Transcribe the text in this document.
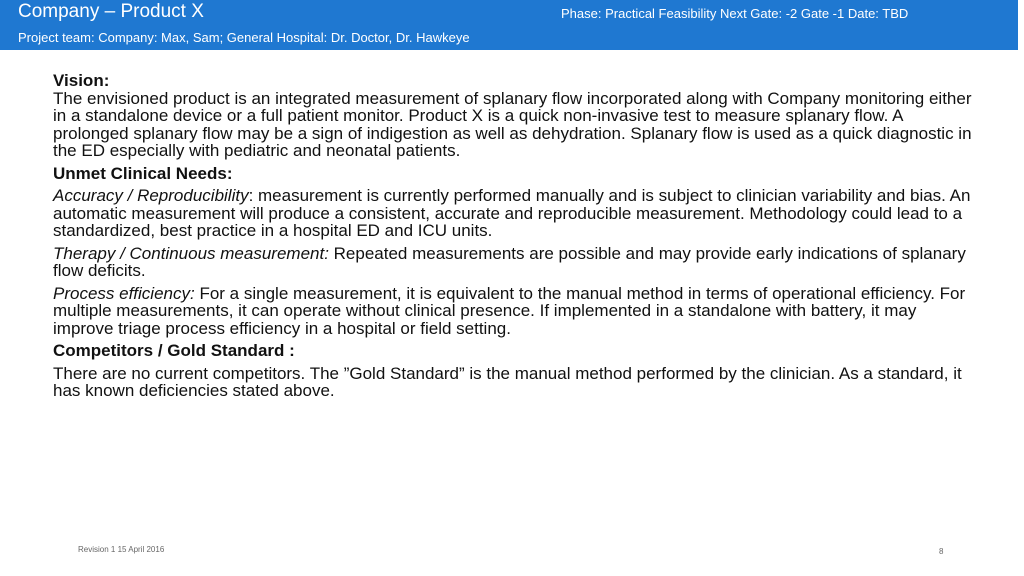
Company – Product X	Phase: Practical Feasibility Next Gate: -2 Gate -1 Date: TBD
Project team: Company: Max, Sam; General Hospital: Dr. Doctor, Dr. Hawkeye
Vision:
The envisioned product is an integrated measurement of splanary flow incorporated along with Company monitoring either in a standalone device or a full patient monitor. Product X is a quick non-invasive test to measure splanary flow. A prolonged splanary flow may be a sign of indigestion as well as dehydration. Splanary flow is used as a quick diagnostic in the ED especially with pediatric and neonatal patients.
Unmet Clinical Needs:
Accuracy / Reproducibility: measurement is currently performed manually and is subject to clinician variability and bias. An automatic measurement will produce a consistent, accurate and reproducible measurement. Methodology could lead to a standardized, best practice in a hospital ED and ICU units.
Therapy / Continuous measurement: Repeated measurements are possible and may provide early indications of splanary flow deficits.
Process efficiency: For a single measurement, it is equivalent to the manual method in terms of operational efficiency. For multiple measurements, it can operate without clinical presence. If implemented in a standalone with battery, it may improve triage process efficiency in a hospital or field setting.
Competitors / Gold Standard :
There are no current competitors. The ”Gold Standard” is the manual method performed by the clinician. As a standard, it has known deficiencies stated above.
Revision 1 15 April 2016	8
